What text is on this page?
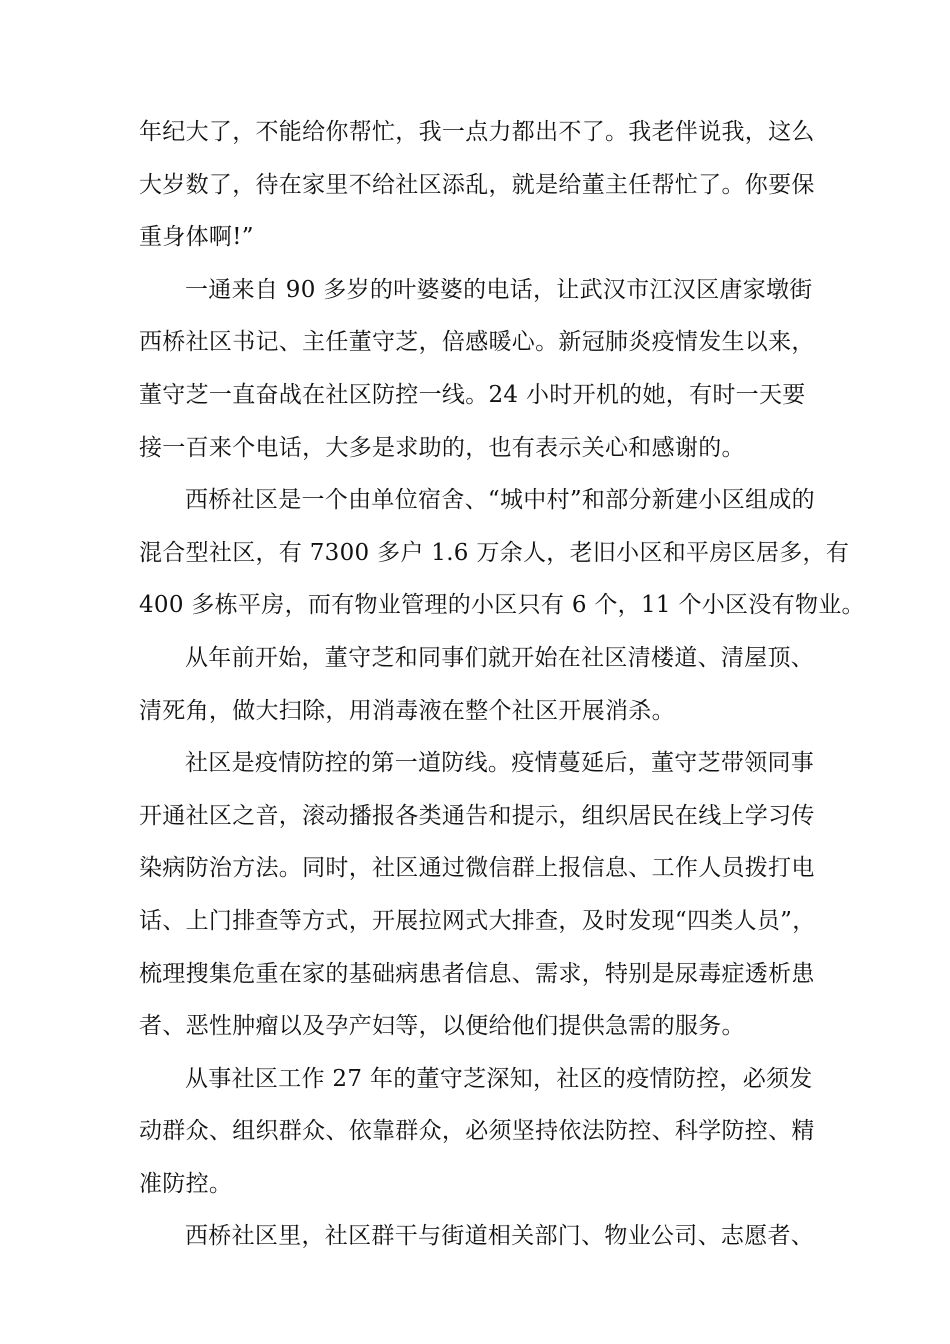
年纪大了，不能给你帮忙，我一点力都出不了。我老伴说我，这么
大岁数了，待在家里不给社区添乱，就是给董主任帮忙了。你要保
重身体啊!”
一通来自 90 多岁的叶婆婆的电话，让武汉市江汉区唐家墩街
西桥社区书记、主任董守芝，倍感暖心。新冠肺炎疫情发生以来，
董守芝一直奋战在社区防控一线。24 小时开机的她，有时一天要
接一百来个电话，大多是求助的，也有表示关心和感谢的。
西桥社区是一个由单位宿舍、“城中村”和部分新建小区组成的
混合型社区，有 7300 多户 1.6 万余人，老旧小区和平房区居多，有
400 多栋平房，而有物业管理的小区只有 6 个，11 个小区没有物业。
从年前开始，董守芝和同事们就开始在社区清楼道、清屋顶、
清死角，做大扫除，用消毒液在整个社区开展消杀。
社区是疫情防控的第一道防线。疫情蔓延后，董守芝带领同事
开通社区之音，滚动播报各类通告和提示，组织居民在线上学习传
染病防治方法。同时，社区通过微信群上报信息、工作人员拨打电
话、上门排查等方式，开展拉网式大排查，及时发现“四类人员”，
梳理搜集危重在家的基础病患者信息、需求，特别是尿毒症透析患
者、恶性肿瘤以及孕产妇等，以便给他们提供急需的服务。
从事社区工作 27 年的董守芝深知，社区的疫情防控，必须发
动群众、组织群众、依靠群众，必须坚持依法防控、科学防控、精
准防控。
西桥社区里，社区群干与街道相关部门、物业公司、志愿者、
